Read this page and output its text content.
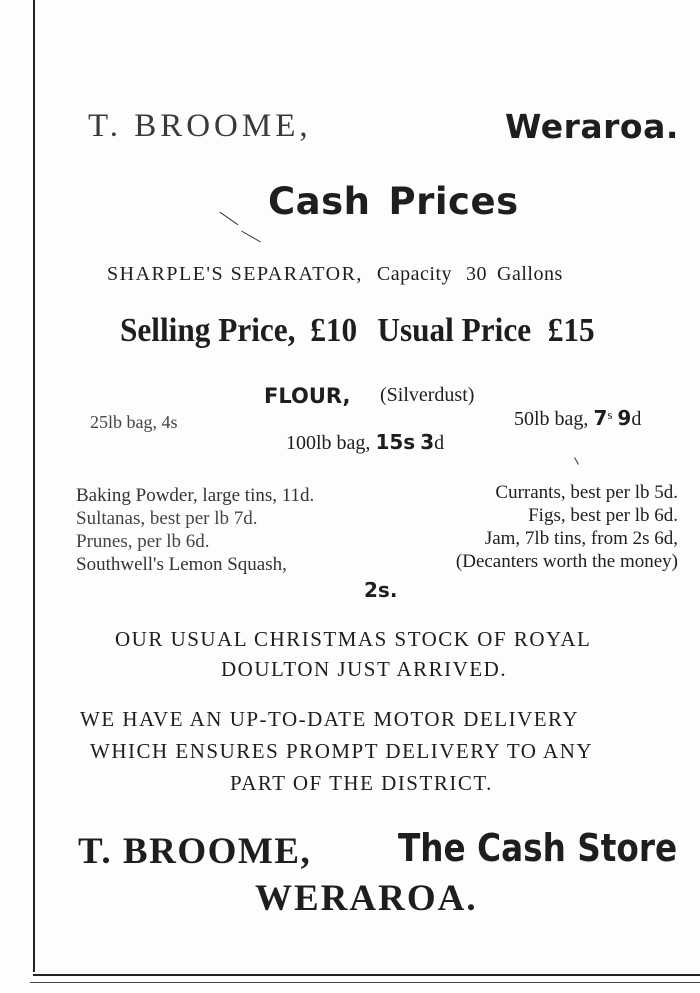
T. BROOME,	Weraroa.
Cash Prices
SHARPLE'S SEPARATOR, Capacity 30 Gallons
Selling Price, £10 Usual Price £15
FLOUR, (Silverdust)
25lb bag, 4s	50lb bag, 7$^s$ 9d
100lb bag, 15s 3d
Baking Powder, large tins, 11d.
Sultanas, best per lb 7d.
Prunes, per lb 6d.
Southwell's Lemon Squash,
Currants, best per lb 5d.
Figs, best per lb 6d.
Jam, 7lb tins, from 2s 6d,
(Decanters worth the money)
2s.
OUR USUAL CHRISTMAS STOCK OF ROYAL
DOULTON JUST ARRIVED.
WE HAVE AN UP-TO-DATE MOTOR DELIVERY
WHICH ENSURES PROMPT DELIVERY TO ANY
PART OF THE DISTRICT.
T. BROOME, The Cash Store
WERAROA.
